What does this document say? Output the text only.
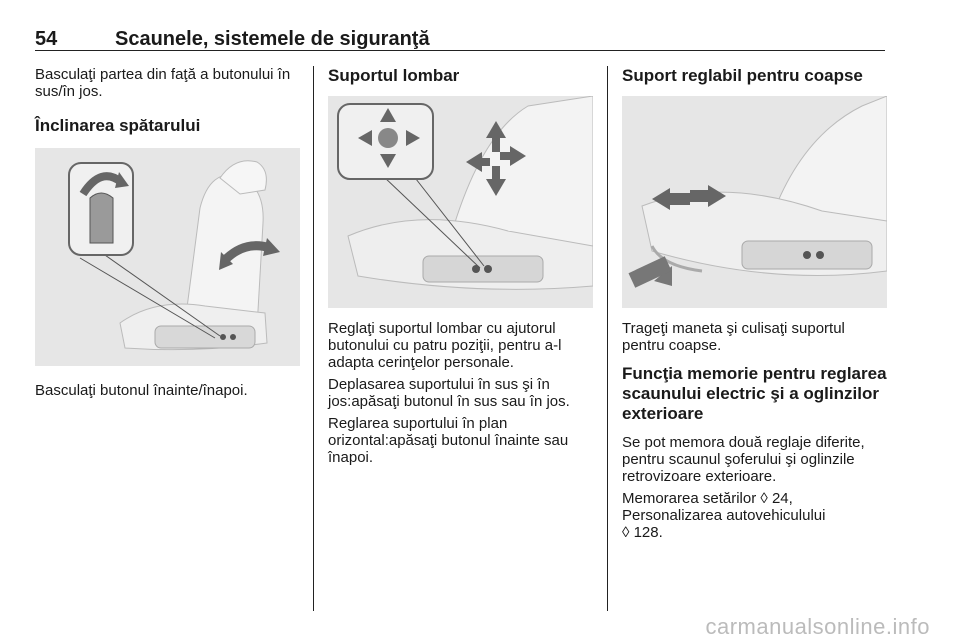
54	Scaunele, sistemele de siguranţă

Basculaţi partea din faţă a butonului în sus/în jos.

Înclinarea spătarului

Basculaţi butonul înainte/înapoi.

Suportul lombar

Reglaţi suportul lombar cu ajutorul butonului cu patru poziţii, pentru a-l adapta cerinţelor personale.

Deplasarea suportului în sus şi în jos:apăsaţi butonul în sus sau în jos.

Reglarea suportului în plan orizontal:apăsaţi butonul înainte sau înapoi.

Suport reglabil pentru coapse

Trageţi maneta şi culisaţi suportul pentru coapse.

Funcţia memorie pentru reglarea scaunului electric şi a oglinzilor exterioare

Se pot memora două reglaje diferite, pentru scaunul şoferului şi oglinzile retrovizoare exterioare.

Memorarea setărilor ◊ 24,

Personalizarea autovehiculului

◊ 128.

carmanualsonline.info
